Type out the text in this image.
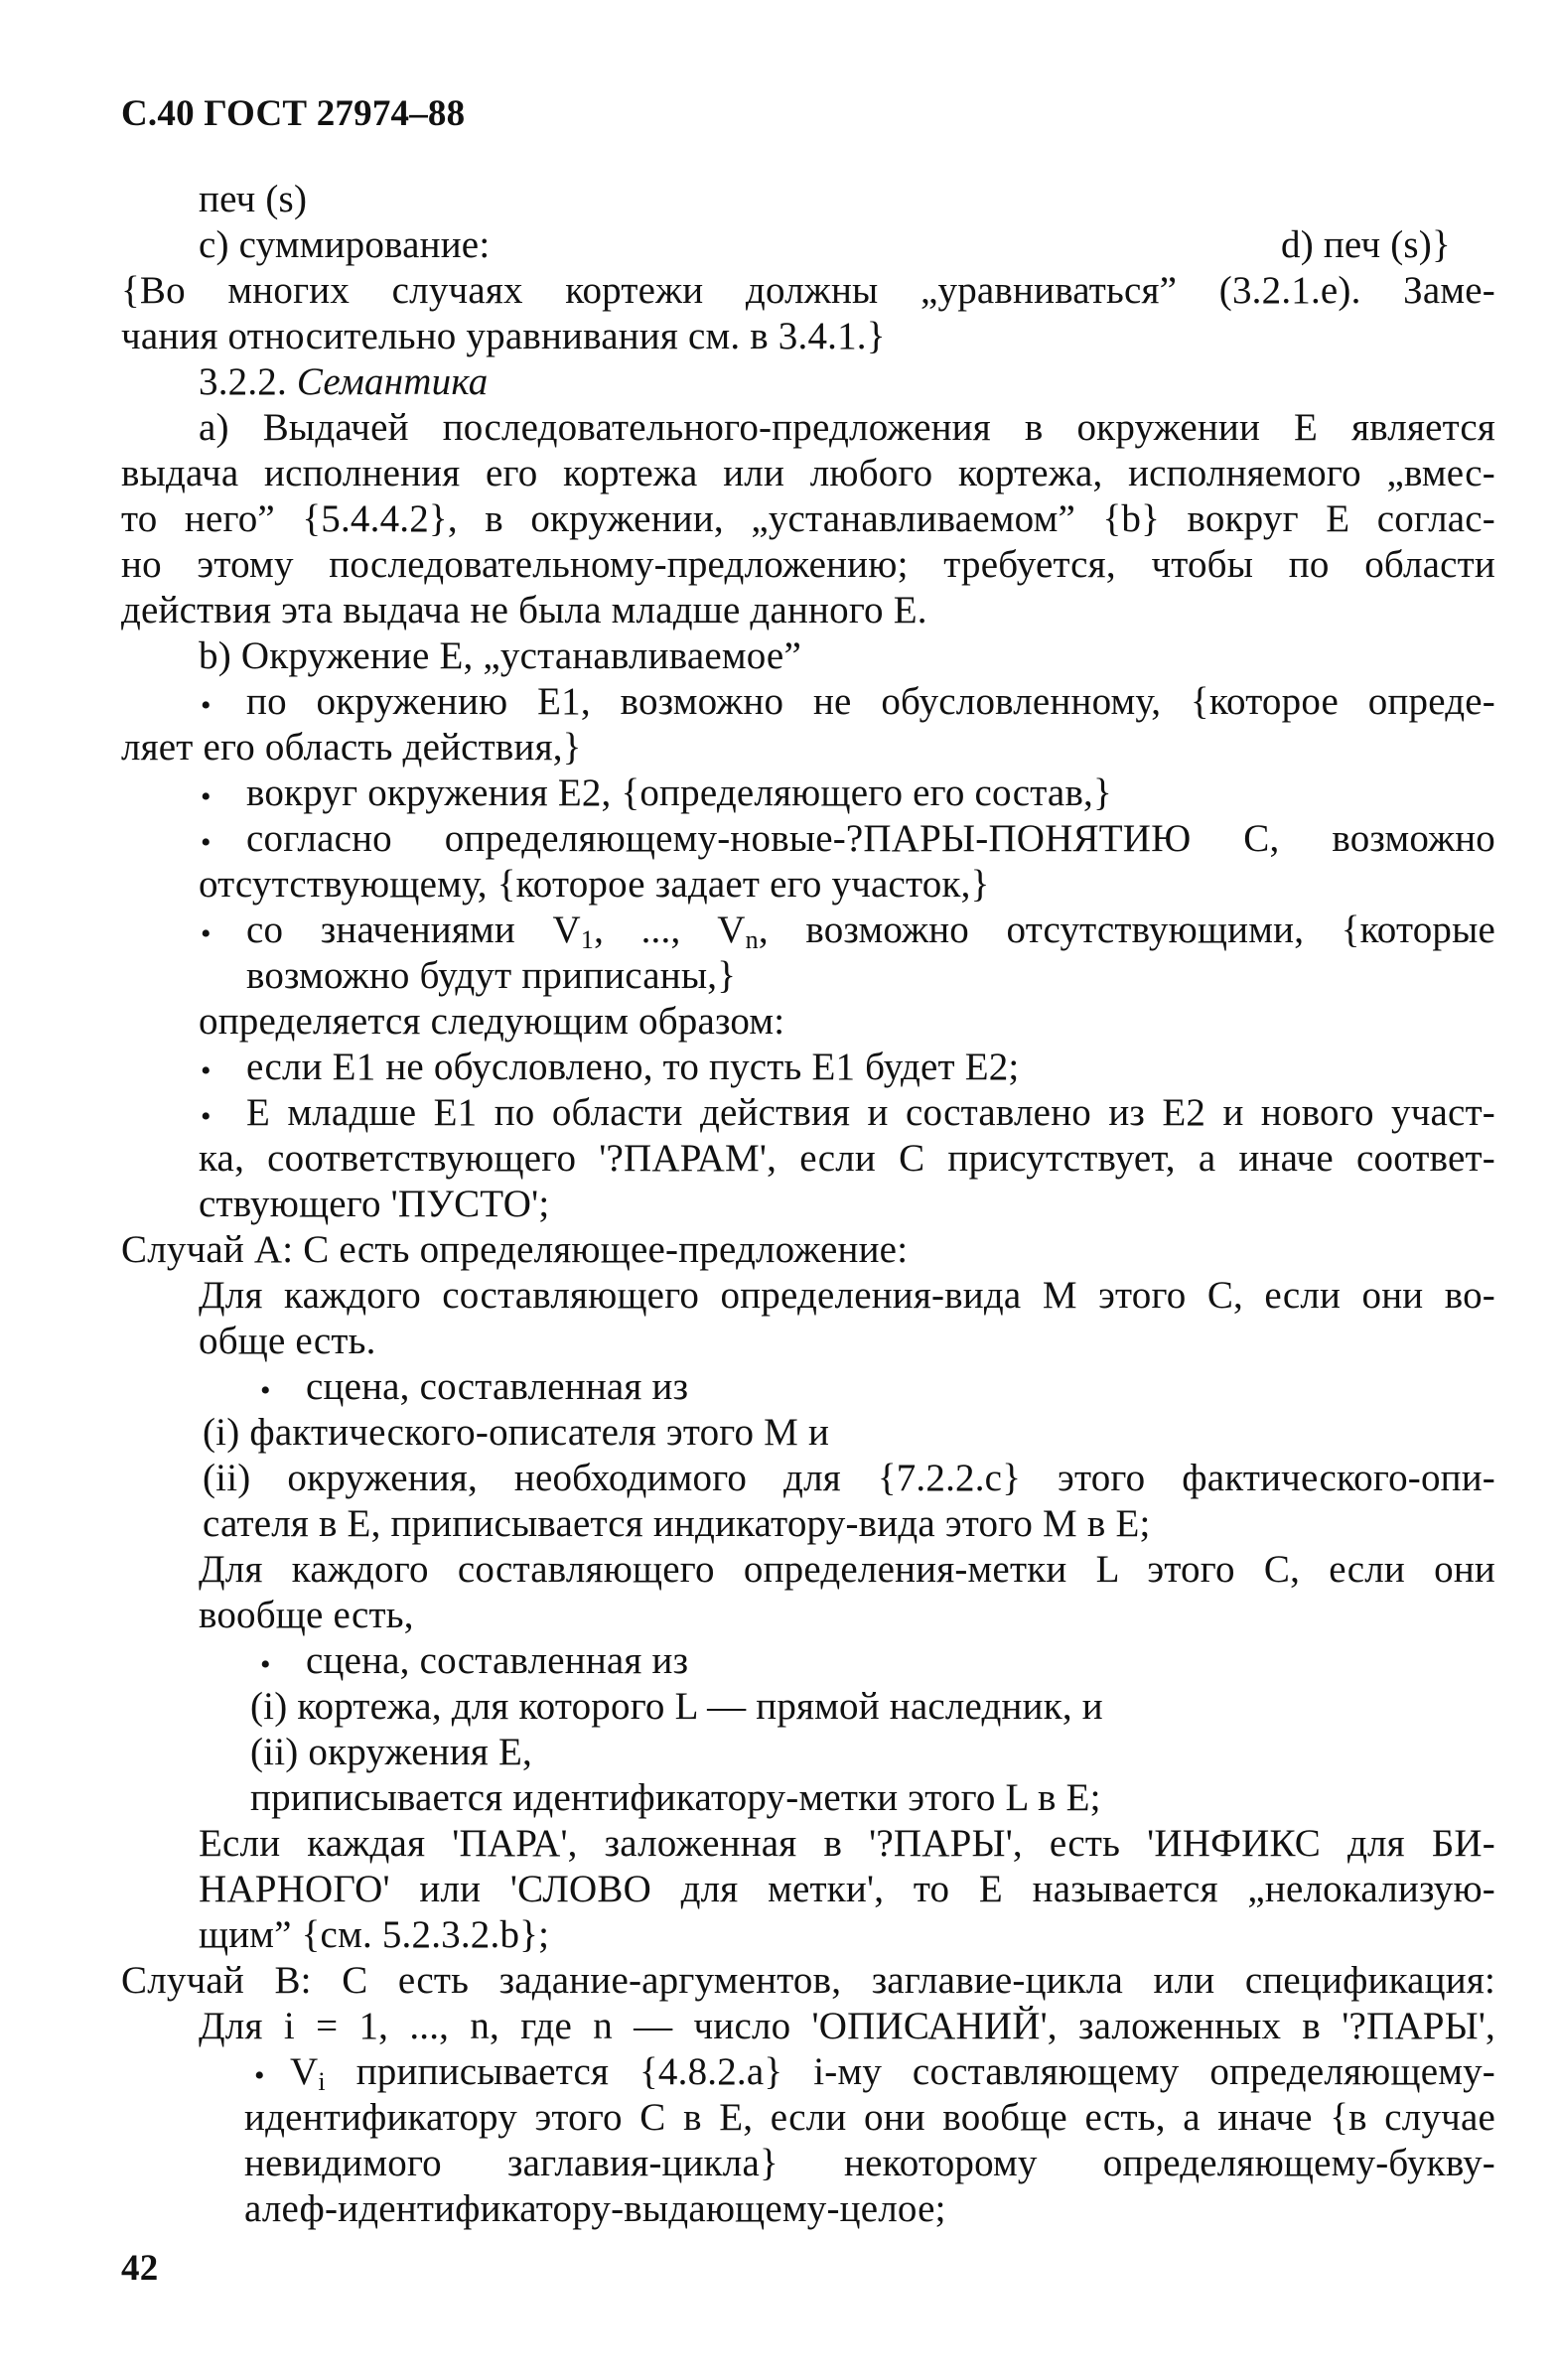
С.40 ГОСТ 27974–88
печ (s)
c) суммирование:	d) печ (s)}
{Во многих случаях кортежи должны „уравниваться” (3.2.1.e). Заме-
чания относительно уравнивания см. в 3.4.1.}
3.2.2. Семантика
a) Выдачей последовательного-предложения в окружении E является
выдача исполнения его кортежа или любого кортежа, исполняемого „вмес-
то него” {5.4.4.2}, в окружении, „устанавливаемом” {b} вокруг E соглас-
но этому последовательному-предложению; требуется, чтобы по области
действия эта выдача не была младше данного E.
b) Окружение E, „устанавливаемое”
• по окружению E1, возможно не обусловленному, {которое опреде-
ляет его область действия,}
• вокруг окружения E2, {определяющего его состав,}
• согласно определяющему-новые-?ПАРЫ-ПОНЯТИЮ C, возможно
отсутствующему, {которое задает его участок,}
• со значениями $V_1$, ..., $V_n$, возможно отсутствующими, {которые
возможно будут приписаны,}
определяется следующим образом:
• если E1 не обусловлено, то пусть E1 будет E2;
• E младше E1 по области действия и составлено из E2 и нового участ-
ка, соответствующего '?ПАРАМ', если C присутствует, а иначе соответ-
ствующего 'ПУСТО';
Случай A: C есть определяющее-предложение:
Для каждого составляющего определения-вида M этого C, если они во-
обще есть.
• сцена, составленная из
(i) фактического-описателя этого M и
(ii) окружения, необходимого для {7.2.2.c} этого фактического-опи-
сателя в E, приписывается индикатору-вида этого M в E;
Для каждого составляющего определения-метки L этого C, если они
вообще есть,
• сцена, составленная из
(i) кортежа, для которого L — прямой наследник, и
(ii) окружения E,
приписывается идентификатору-метки этого L в E;
Если каждая 'ПАРА', заложенная в '?ПАРЫ', есть 'ИНФИКС для БИ-
НАРНОГО' или 'СЛОВО для метки', то E называется „нелокализую-
щим” {см. 5.2.3.2.b};
Случай B: C есть задание-аргументов, заглавие-цикла или спецификация:
Для i = 1, ..., n, где n — число 'ОПИСАНИЙ', заложенных в '?ПАРЫ',
• $V_i$ приписывается {4.8.2.a} i-му составляющему определяющему-
идентификатору этого C в E, если они вообще есть, а иначе {в случае
невидимого заглавия-цикла} некоторому определяющему-букву-
алеф-идентификатору-выдающему-целое;
42
